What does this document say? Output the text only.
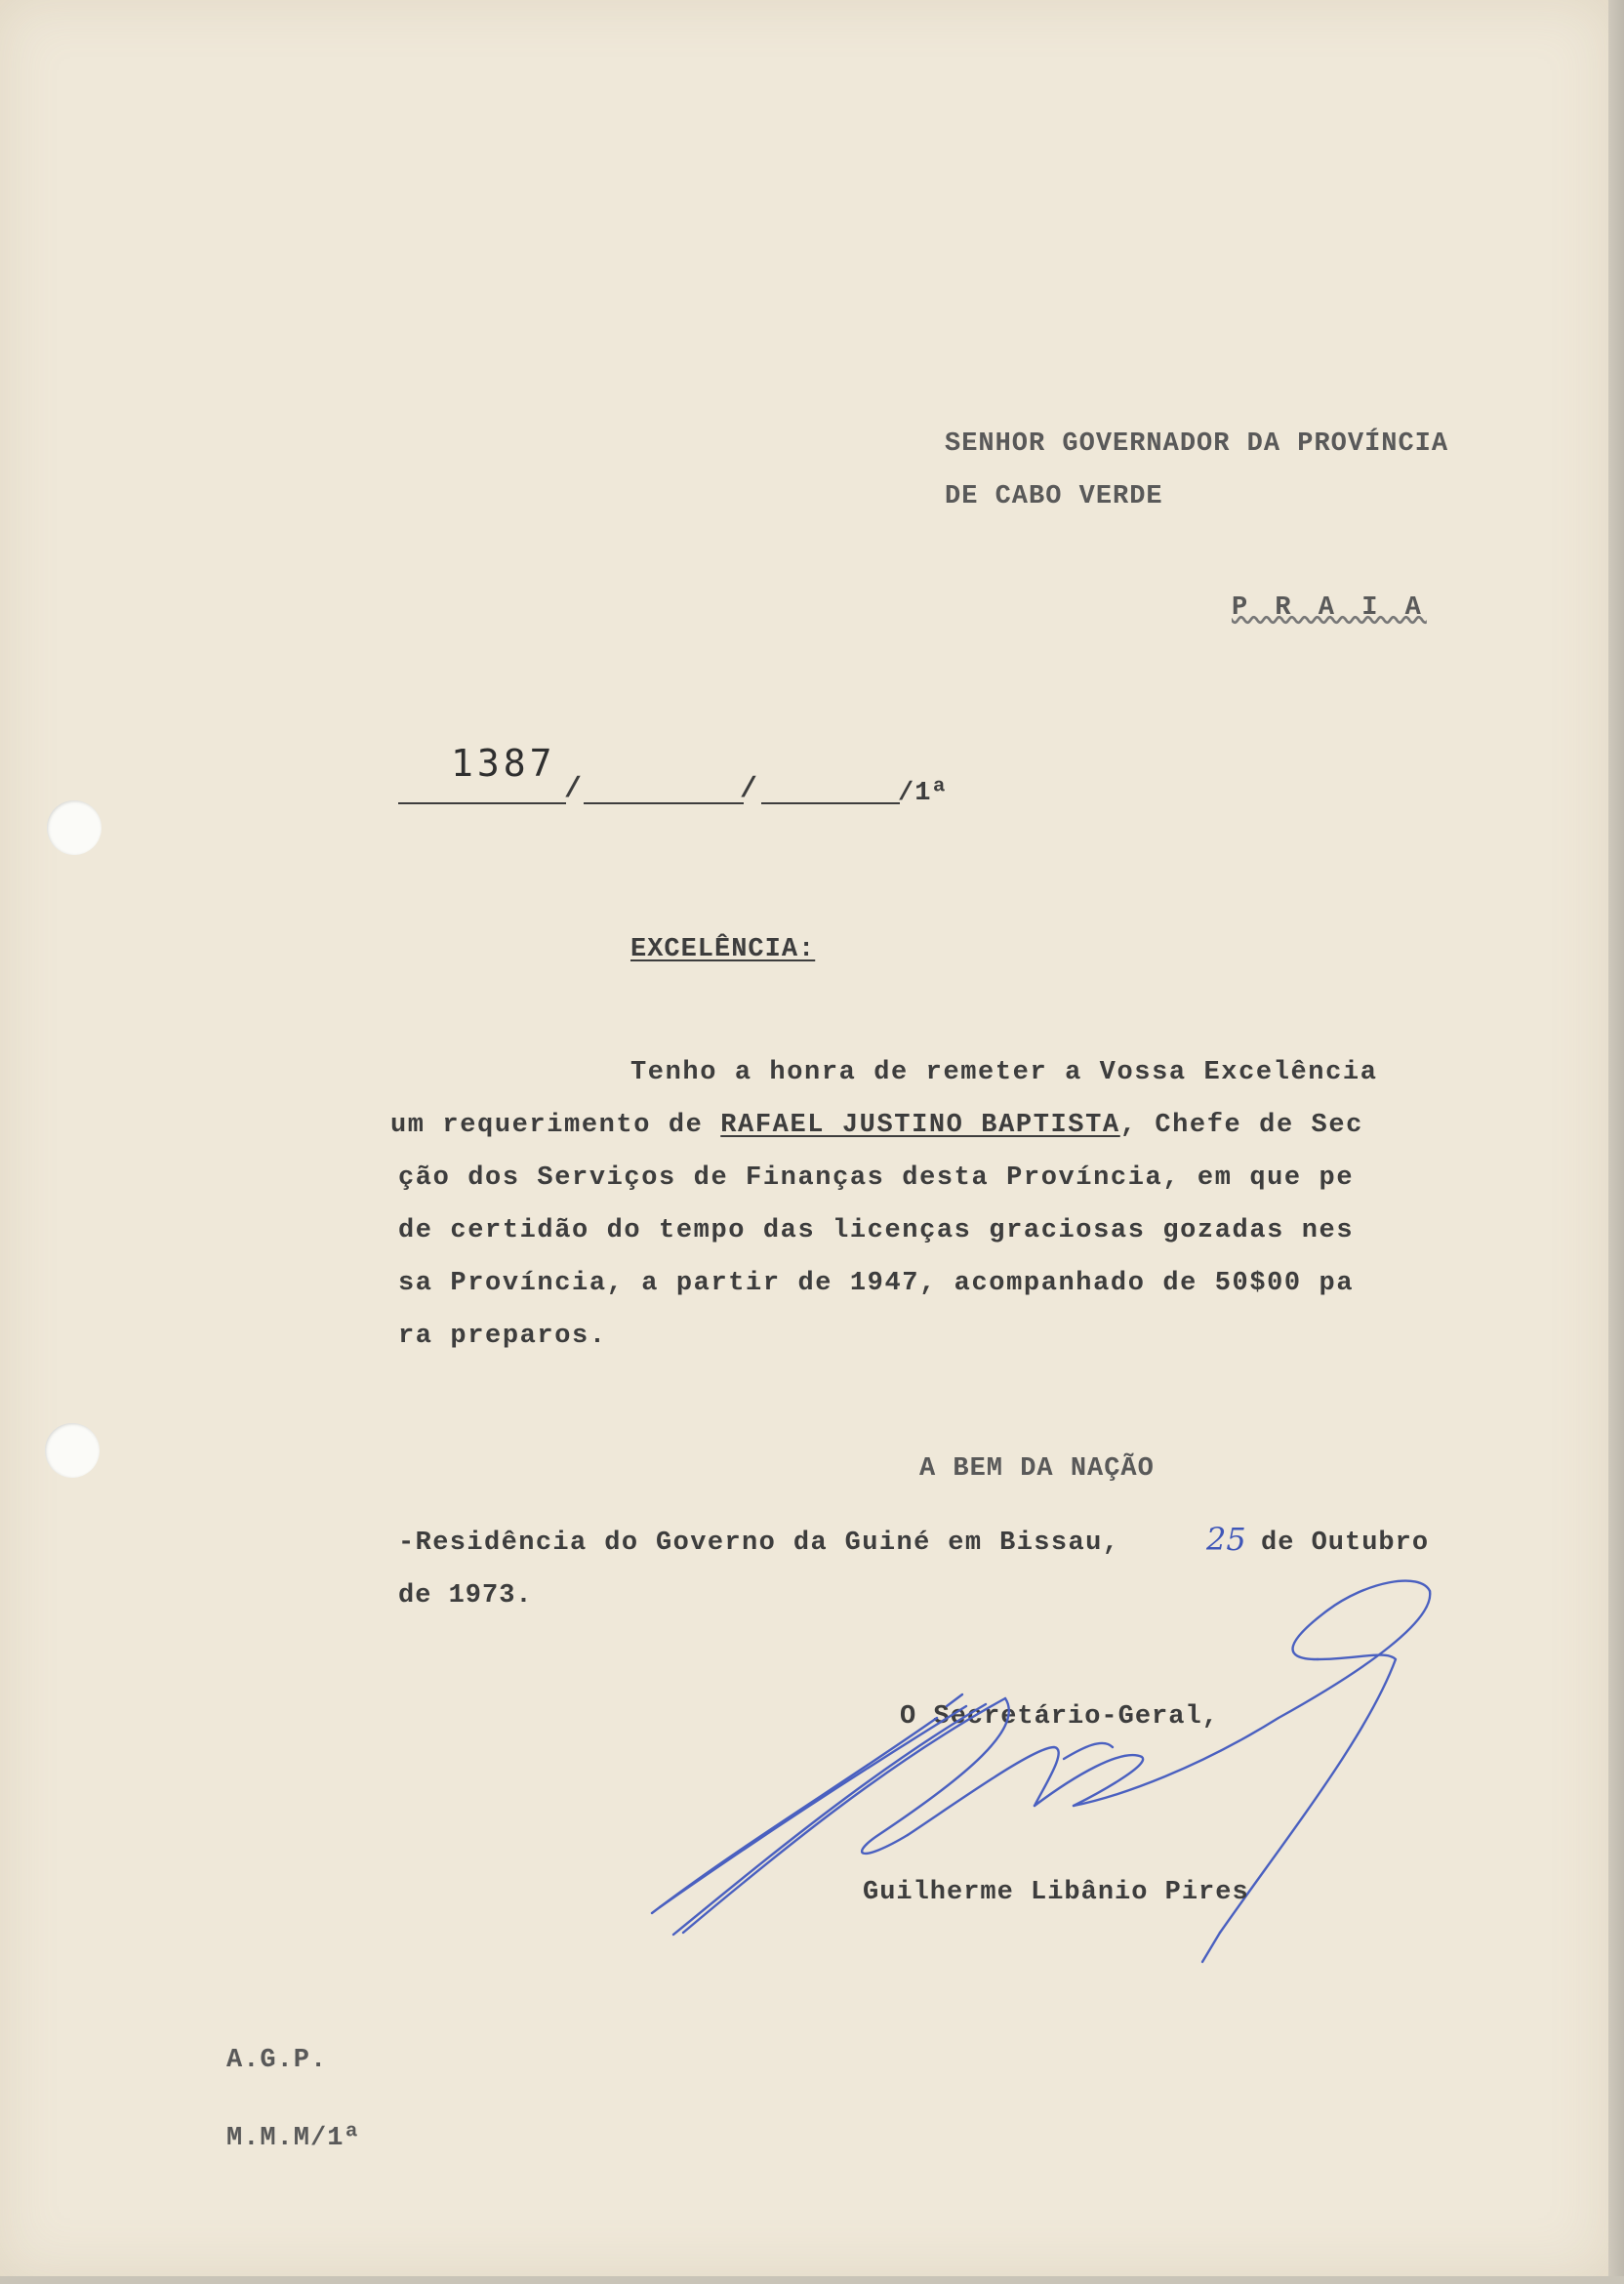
SENHOR GOVERNADOR DA PROVÍNCIA
DE CABO VERDE
P R A I A
1387
/	/	/1ª
EXCELÊNCIA:
Tenho a honra de remeter a Vossa Excelência
um requerimento de RAFAEL JUSTINO BAPTISTA, Chefe de Sec
ção dos Serviços de Finanças desta Província, em que pe
de certidão do tempo das licenças graciosas gozadas nes
sa Província, a partir de 1947, acompanhado de 50$00 pa
ra preparos.
A BEM DA NAÇÃO
-Residência do Governo da Guiné em Bissau,	25 de Outubro
de 1973.
O Secretário-Geral,
Guilherme Libânio Pires
A.G.P.
M.M.M/1ª
